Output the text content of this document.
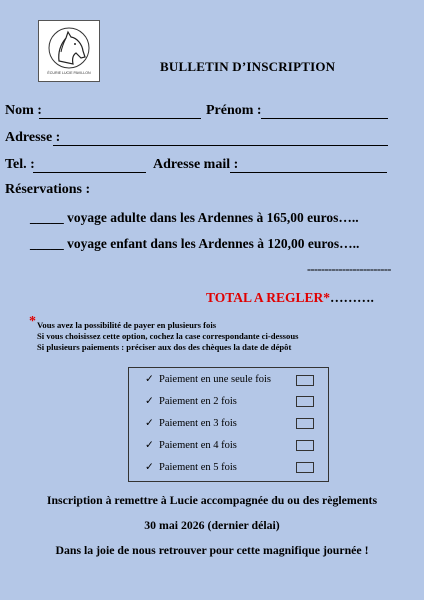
ÉCURIE LUCIE PAVILLON	BULLETIN D’INSCRIPTION
Nom :	Prénom :
Adresse :
Tel. :	Adresse mail :
Réservations :
_____ voyage adulte dans les Ardennes à 165,00 euros…..
_____ voyage enfant dans les Ardennes à 120,00 euros…..
------------------------
TOTAL A REGLER*……….
* Vous avez la possibilité de payer en plusieurs fois
Si vous choisissez cette option, cochez la case correspondante ci-dessous
Si plusieurs paiements : préciser aux dos des chèques la date de dépôt
✓ Paiement en une seule fois
✓ Paiement en 2 fois
✓ Paiement en 3 fois
✓ Paiement en 4 fois
✓ Paiement en 5 fois
Inscription à remettre à Lucie accompagnée du ou des règlements
30 mai 2026 (dernier délai)
Dans la joie de nous retrouver pour cette magnifique journée !
